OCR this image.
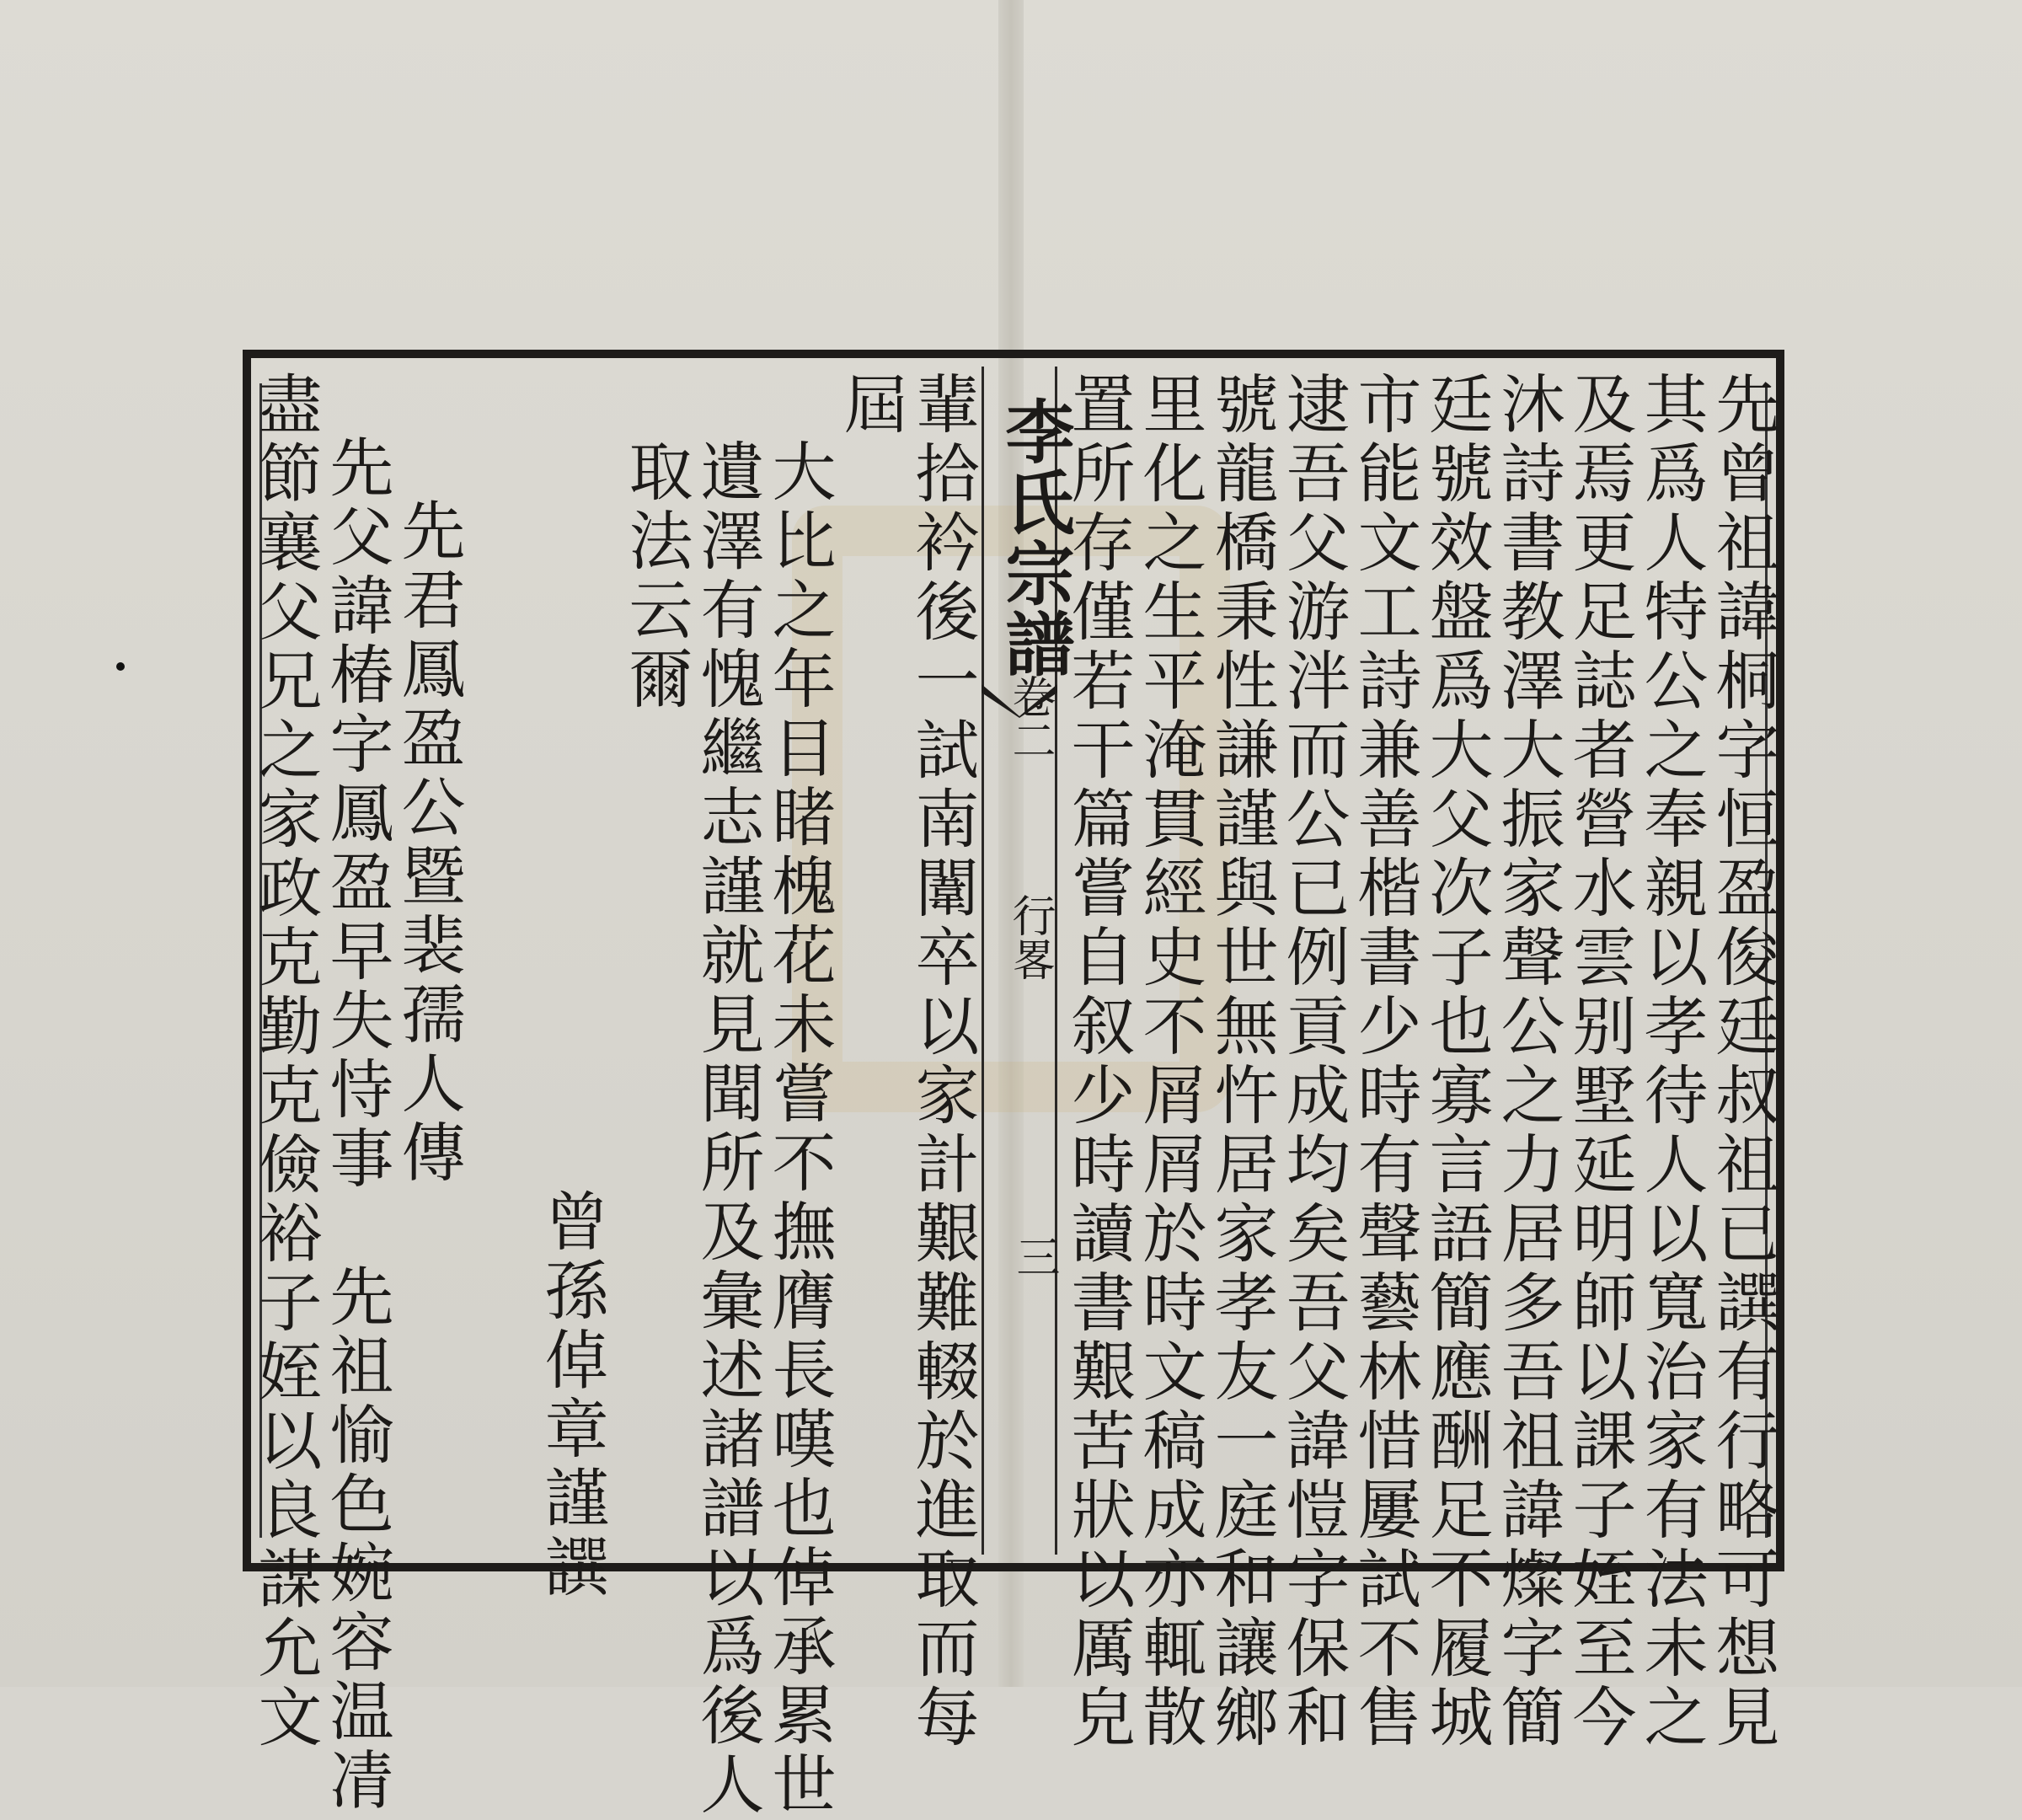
李氏宗譜
卷二
行畧
三	先曾祖諱桐字恒盈俊廷叔祖已譔有行略可想見
其爲人特公之奉親以孝待人以寬治家有法未之
及焉更足誌者營水雲别墅延明師以課子姪至今
沐詩書教澤大振家聲公之力居多吾祖諱燦字簡
廷號效盤爲大父次子也寡言語簡應酬足不履城
市能文工詩兼善楷書少時有聲藝林惜屢試不售
逮吾父游泮而公已例貢成均矣吾父諱愷字保和
號龍橋秉性謙謹與世無忤居家孝友一庭和讓鄉
里化之生平淹貫經史不屑屑於時文稿成亦輒散
置所存僅若干篇嘗自叙少時讀書艱苦狀以厲皃
輩拾衿後一試南闈卒以家計艱難輟於進取而每
屆
大比之年目睹槐花未嘗不撫膺長嘆也倬承累世
遺澤有愧繼志謹就見聞所及彙述諸譜以爲後人
取法云爾
曾孫倬章謹譔
先君鳳盈公暨裴孺人傳
先父諱椿字鳳盈早失恃事　先祖愉色婉容温凊
盡節襄父兄之家政克勤克儉裕子姪以良謀允文
